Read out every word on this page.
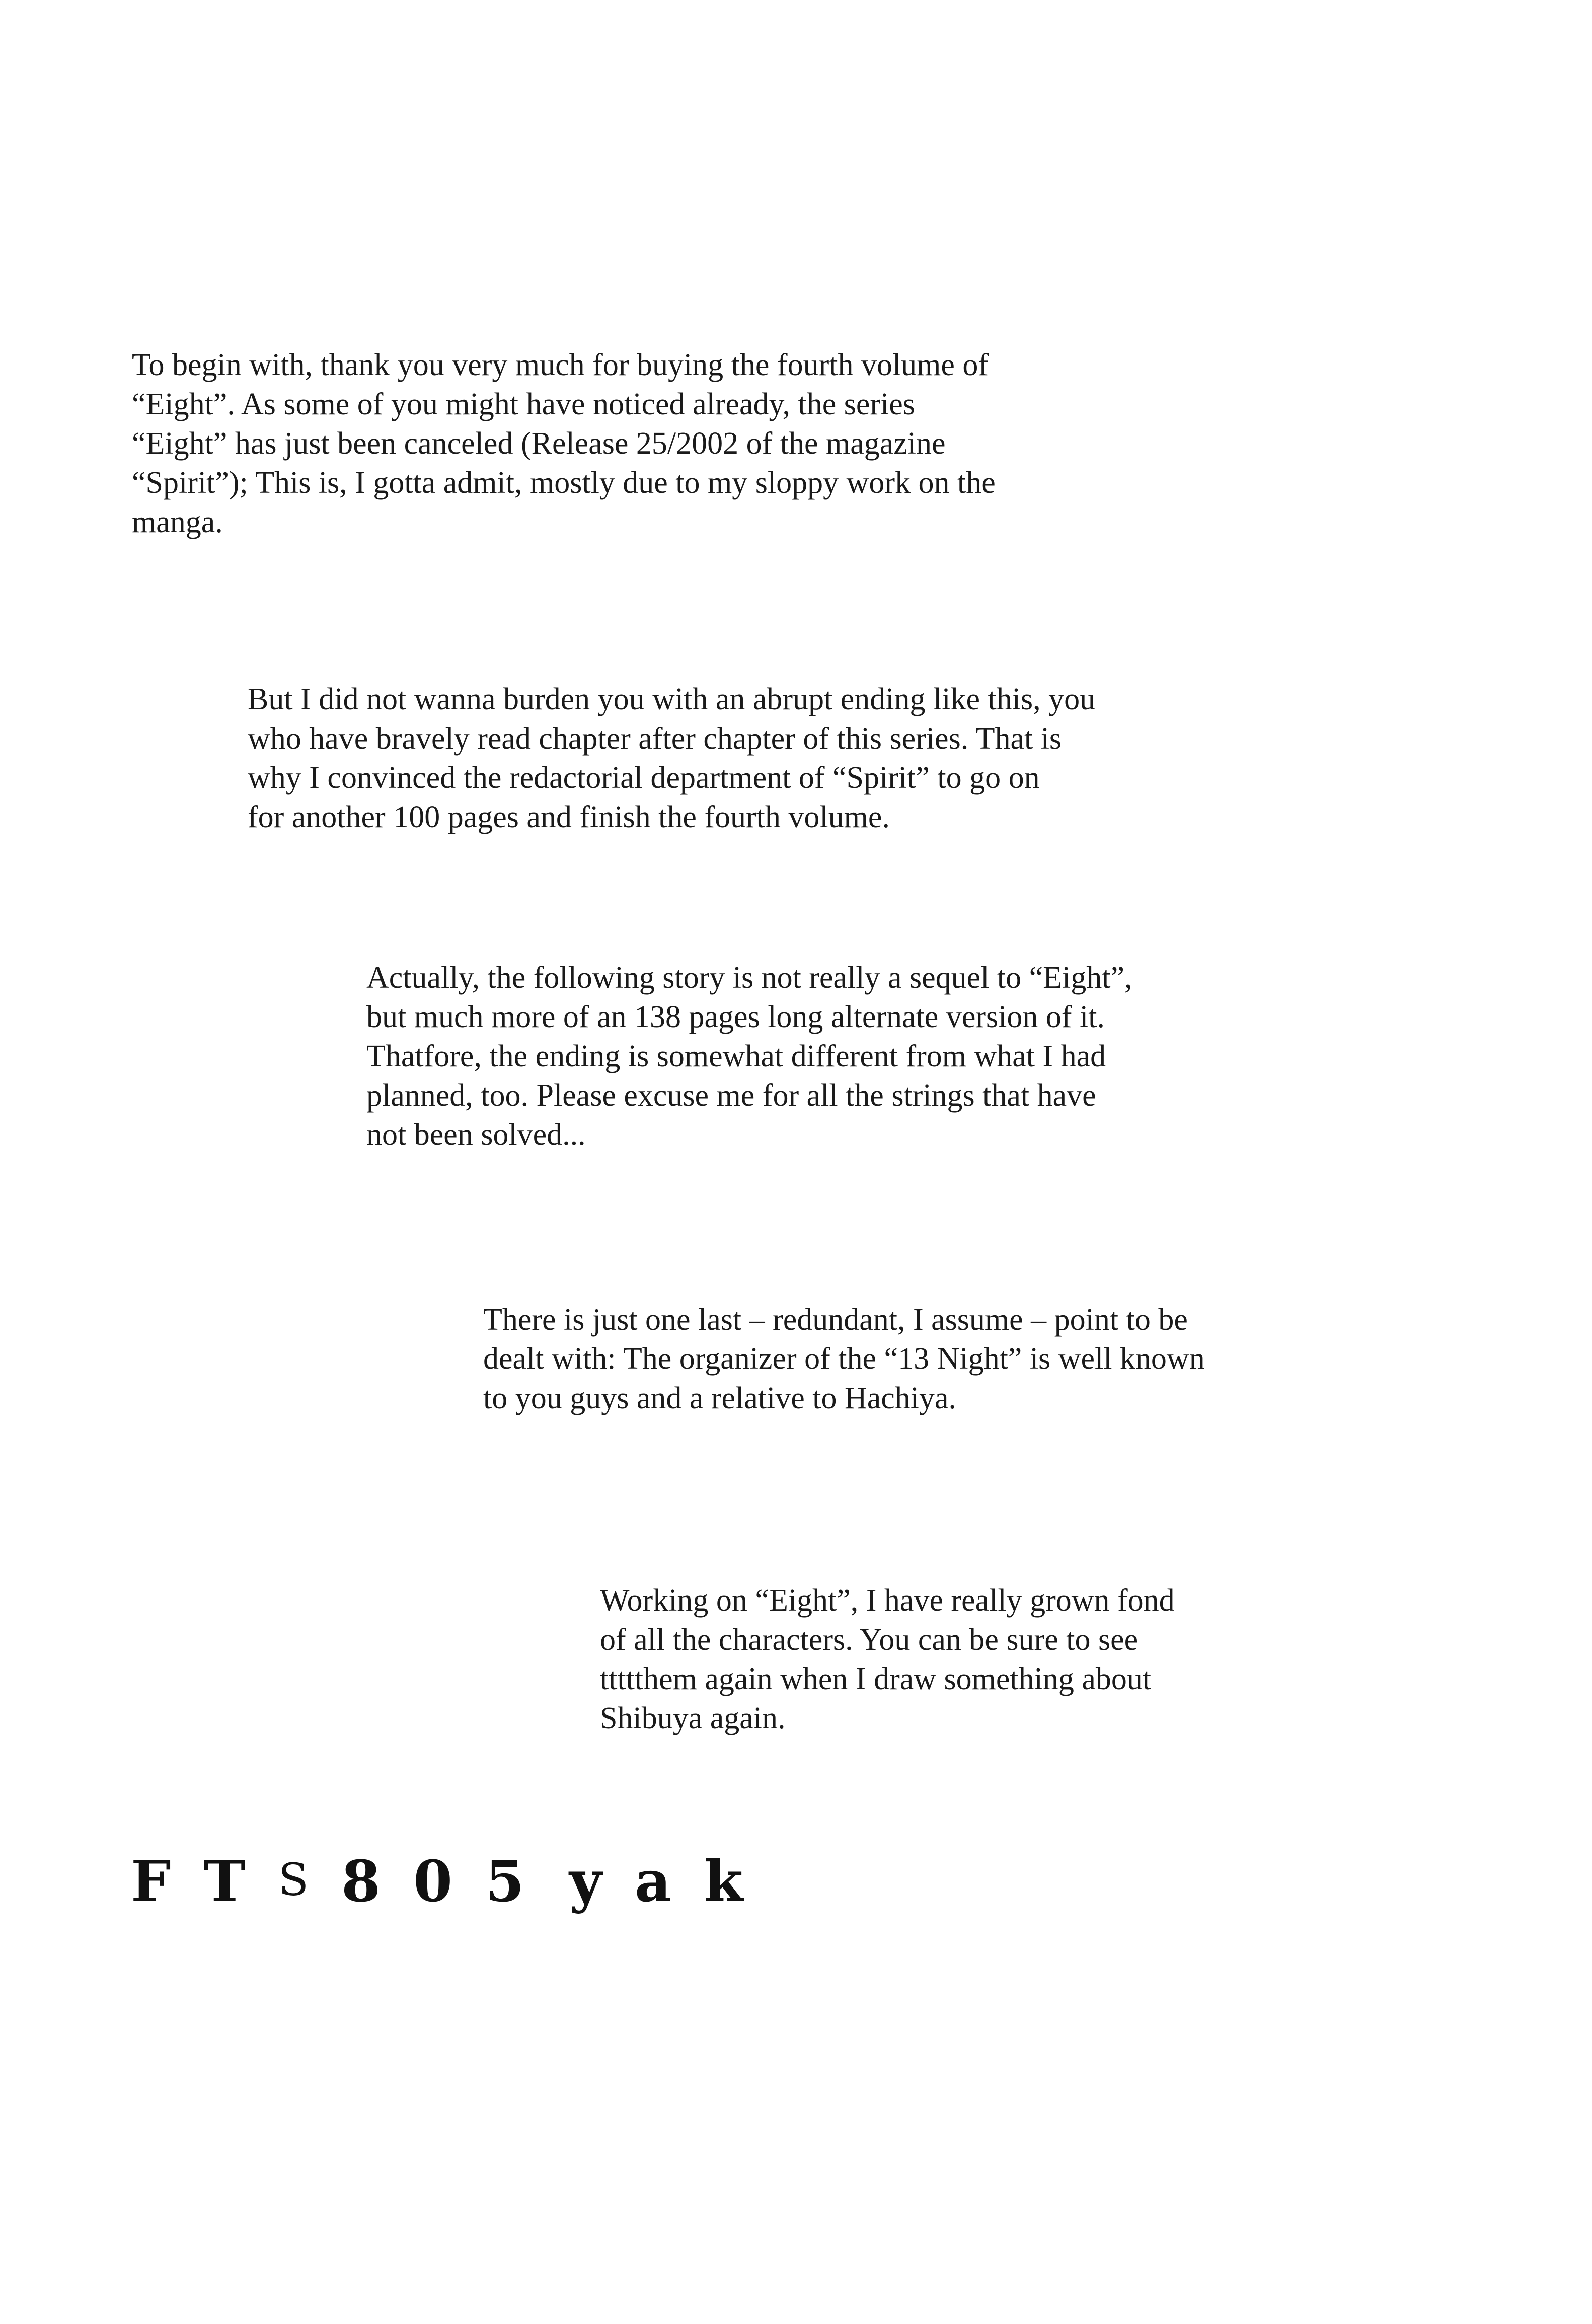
To begin with, thank you very much for buying the fourth volume of
“Eight”. As some of you might have noticed already, the series
“Eight” has just been canceled (Release 25/2002 of the magazine
“Spirit”); This is, I gotta admit, mostly due to my sloppy work on the
manga.
But I did not wanna burden you with an abrupt ending like this, you
who have bravely read chapter after chapter of this series. That is
why I convinced the redactorial department of “Spirit” to go on
for another 100 pages and finish the fourth volume.
Actually, the following story is not really a sequel to “Eight”,
but much more of an 138 pages long alternate version of it.
Thatfore, the ending is somewhat different from what I had
planned, too. Please excuse me for all the strings that have
not been solved...
There is just one last – redundant, I assume – point to be
dealt with: The organizer of the “13 Night” is well known
to you guys and a relative to Hachiya.
Working on “Eight”, I have really grown fond
of all the characters. You can be sure to see
ttttthem again when I draw something about
Shibuya again.
F T S 8 0 5 y a k
